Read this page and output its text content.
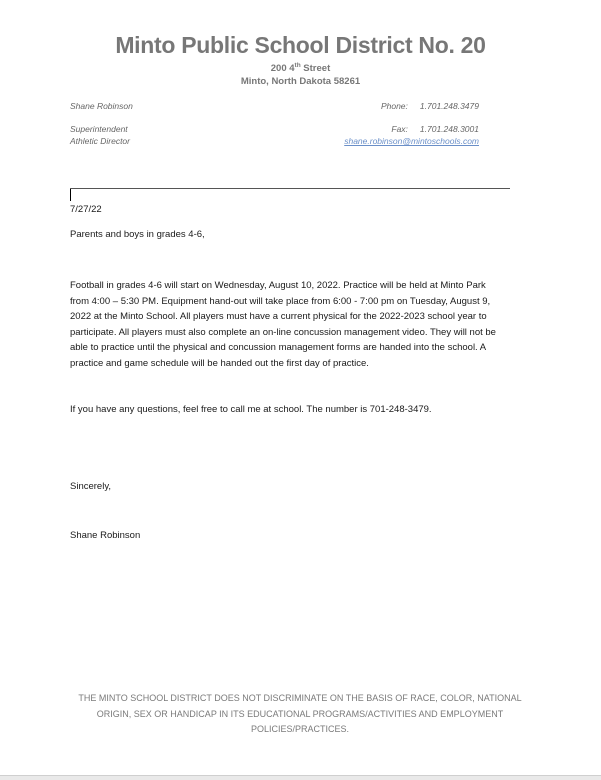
Minto Public School District No. 20
200 4th Street
Minto, North Dakota 58261
Shane Robinson
Superintendent
Athletic Director
Phone: 1.701.248.3479
Fax: 1.701.248.3001
shane.robinson@mintoschools.com
7/27/22
Parents and boys in grades 4-6,
Football in grades 4-6 will start on Wednesday, August 10, 2022. Practice will be held at Minto Park
from 4:00 – 5:30 PM. Equipment hand-out will take place from 6:00 - 7:00 pm on Tuesday, August 9,
2022 at the Minto School. All players must have a current physical for the 2022-2023 school year to
participate. All players must also complete an on-line concussion management video. They will not be
able to practice until the physical and concussion management forms are handed into the school. A
practice and game schedule will be handed out the first day of practice.
If you have any questions, feel free to call me at school. The number is 701-248-3479.
Sincerely,
Shane Robinson
THE MINTO SCHOOL DISTRICT DOES NOT DISCRIMINATE ON THE BASIS OF RACE, COLOR, NATIONAL
ORIGIN, SEX OR HANDICAP IN ITS EDUCATIONAL PROGRAMS/ACTIVITIES AND EMPLOYMENT
POLICIES/PRACTICES.
